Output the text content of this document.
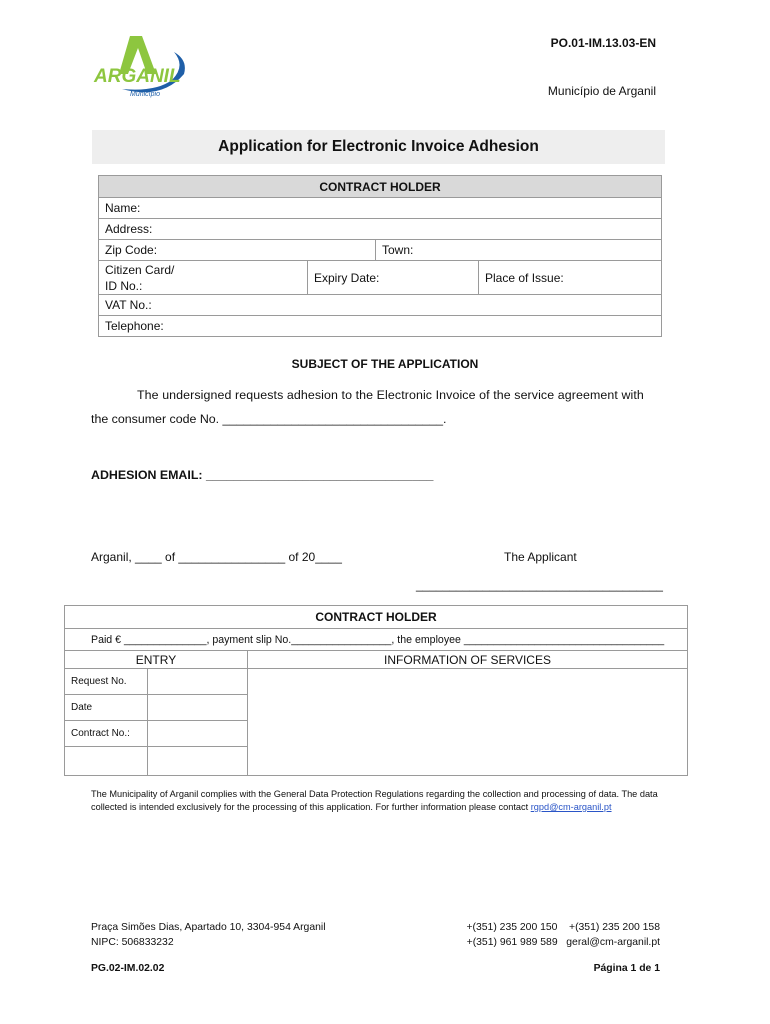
ARGANIL
Município
PO.01-IM.13.03-EN
Município de Arganil
Application for Electronic Invoice Adhesion
CONTRACT HOLDER
Name:
Address:
Zip Code:	Town:
Citizen Card/
ID No.:
Expiry Date:	Place of Issue:
VAT No.:
Telephone:
SUBJECT OF THE APPLICATION
The undersigned requests adhesion to the Electronic Invoice of the service agreement with
the consumer code No. ________________________________.
ADHESION EMAIL: _________________________________
Arganil, ____ of ________________ of 20____	The Applicant
_____________________________________
CONTRACT HOLDER
Paid € ______________, payment slip No._________________, the employee __________________________________
ENTRY
Request No.
Date
Contract No.:
INFORMATION OF SERVICES
The Municipality of Arganil complies with the General Data Protection Regulations regarding the collection and processing of data. The data collected is intended exclusively for the processing of this application. For further information please contact rgpd@cm-arganil.pt
Praça Simões Dias, Apartado 10, 3304-954 Arganil
NIPC: 506833232
+(351) 235 200 150    +(351) 235 200 158
+(351) 961 989 589   geral@cm-arganil.pt
PG.02-IM.02.02	Página 1 de 1
